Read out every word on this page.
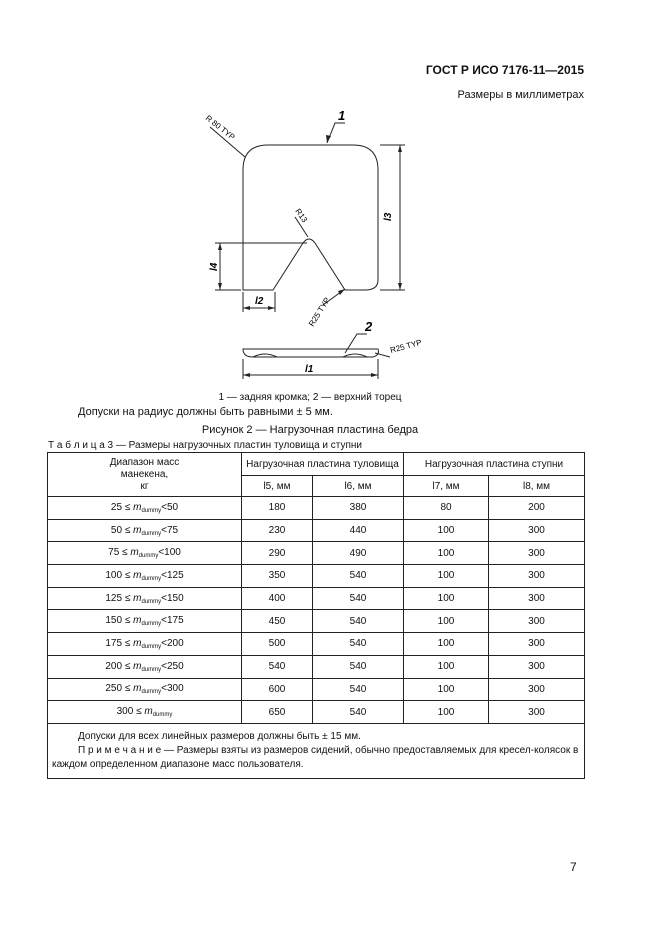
ГОСТ Р ИСО 7176-11—2015
Размеры в миллиметрах
1
2
R 80 TYP
R13
R25 TYP
R25 TYP
l1
l2
l3
l4
1 — задняя кромка; 2 — верхний торец
Допуски на радиус должны быть равными ± 5 мм.
Рисунок 2 — Нагрузочная пластина бедра
Т а б л и ц а 3 — Размеры нагрузочных пластин туловища и ступни
Диапазон масс
манекена,
кг	Нагрузочная пластина туловища		Нагрузочная пластина ступни	
	l5, мм	l6, мм	l7, мм	l8, мм
$25 \le m_{dummy}<50$	180	380	80	200
$50 \le m_{dummy}<75$	230	440	100	300
$75 \le m_{dummy}<100$	290	490	100	300
$100 \le m_{dummy}<125$	350	540	100	300
$125 \le m_{dummy}<150$	400	540	100	300
$150 \le m_{dummy}<175$	450	540	100	300
$175 \le m_{dummy}<200$	500	540	100	300
$200 \le m_{dummy}<250$	540	540	100	300
$250 \le m_{dummy}<300$	600	540	100	300
$300 \le m_{dummy}$	650	540	100	300

Допуски для всех линейных размеров должны быть ± 15 мм.
П р и м е ч а н и е — Размеры взяты из размеров сидений, обычно предоставляемых для кресел-колясок в каждом определенном диапазоне масс пользователя.				
7
